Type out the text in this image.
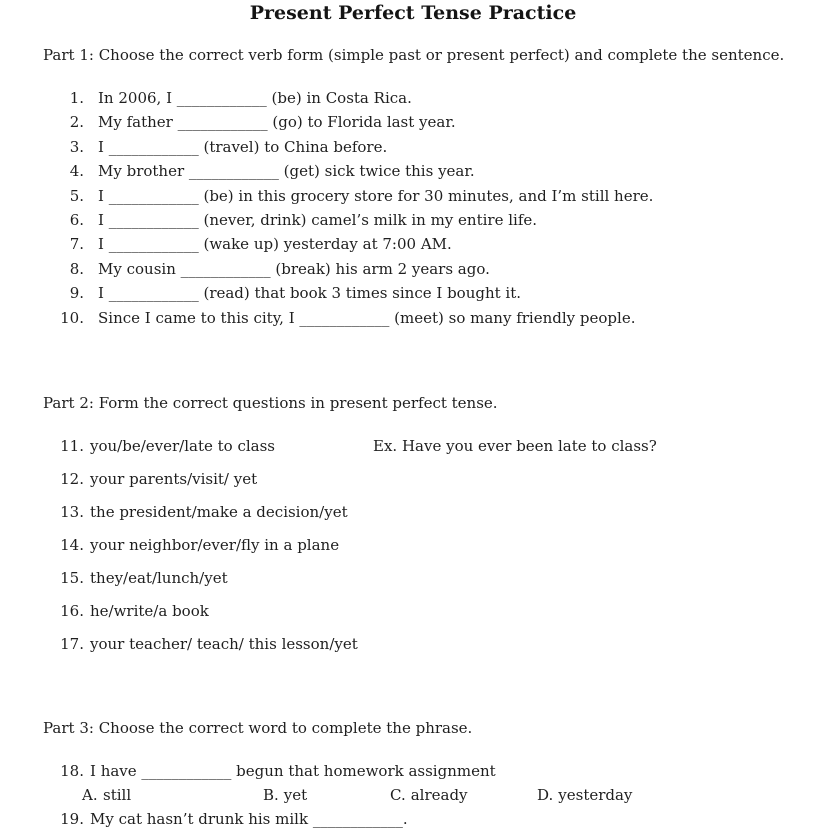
Present Perfect Tense Practice
Part 1: Choose the correct verb form (simple past or present perfect) and complete the sentence.
1. In 2006, I ____________ (be) in Costa Rica.
2. My father ____________ (go) to Florida last year.
3. I ____________ (travel) to China before.
4. My brother ____________ (get) sick twice this year.
5. I ____________ (be) in this grocery store for 30 minutes, and I’m still here.
6. I ____________ (never, drink) camel’s milk in my entire life.
7. I ____________ (wake up) yesterday at 7:00 AM.
8. My cousin ____________ (break) his arm 2 years ago.
9. I ____________ (read) that book 3 times since I bought it.
10. Since I came to this city, I ____________ (meet) so many friendly people.
Part 2: Form the correct questions in present perfect tense.
11. you/be/ever/late to class	Ex. Have you ever been late to class?
12. your parents/visit/ yet
13. the president/make a decision/yet
14. your neighbor/ever/fly in a plane
15. they/eat/lunch/yet
16. he/write/a book
17. your teacher/ teach/ this lesson/yet
Part 3: Choose the correct word to complete the phrase.
18. I have ____________ begun that homework assignment
A. still	B. yet	C. already	D. yesterday
19. My cat hasn’t drunk his milk ____________.
